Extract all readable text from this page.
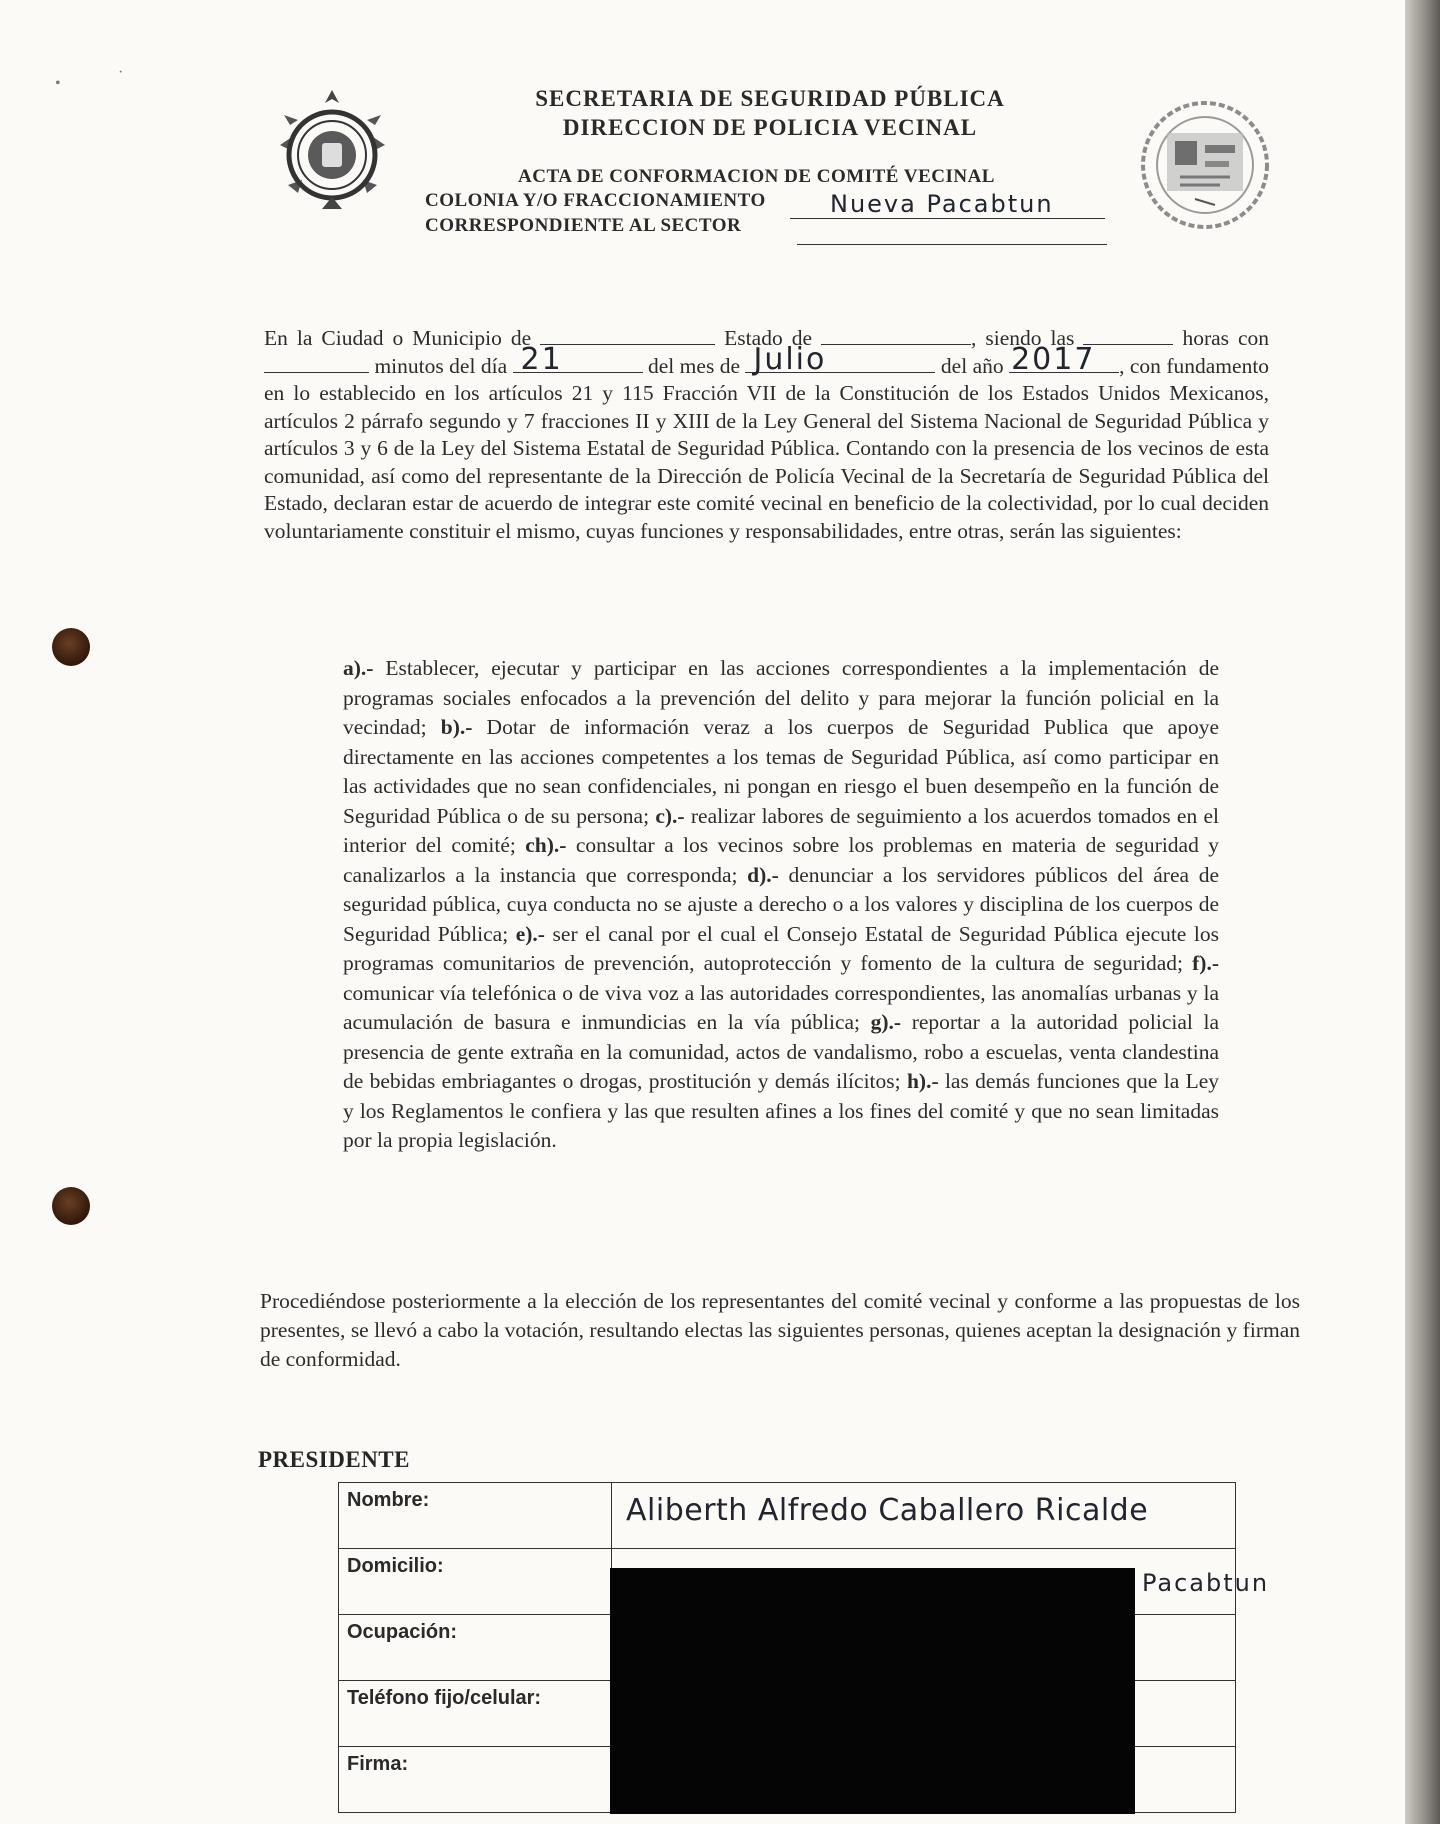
•
·
SECRETARIA DE SEGURIDAD PÚBLICA
DIRECCION DE POLICIA VECINAL
ACTA DE CONFORMACION DE COMITÉ VECINAL
COLONIA Y/O FRACCIONAMIENTO	Nueva Pacabtun
CORRESPONDIENTE AL SECTOR
En la Ciudad o Municipio de	Estado de	, siendo las	horas con  minutos del día 21	del mes de Julio	del año 2017 , con fundamento en lo establecido en los artículos 21 y 115 Fracción VII de la Constitución de los Estados Unidos Mexicanos, artículos 2 párrafo segundo y 7 fracciones II y XIII de la Ley General del Sistema Nacional de Seguridad Pública y artículos 3 y 6 de la Ley del Sistema Estatal de Seguridad Pública. Contando con la presencia de los vecinos de esta comunidad, así como del representante de la Dirección de Policía Vecinal de la Secretaría de Seguridad Pública del Estado, declaran estar de acuerdo de integrar este comité vecinal en beneficio de la colectividad, por lo cual deciden voluntariamente constituir el mismo, cuyas funciones y responsabilidades, entre otras, serán las siguientes:
a).- Establecer, ejecutar y participar en las acciones correspondientes a la implementación de programas sociales enfocados a la prevención del delito y para mejorar la función policial en la vecindad; b).- Dotar de información veraz a los cuerpos de Seguridad Publica que apoye directamente en las acciones competentes a los temas de Seguridad Pública, así como participar en las actividades que no sean confidenciales, ni pongan en riesgo el buen desempeño en la función de Seguridad Pública o de su persona; c).- realizar labores de seguimiento a los acuerdos tomados en el interior del comité; ch).- consultar a los vecinos sobre los problemas en materia de seguridad y canalizarlos a la instancia que corresponda; d).- denunciar a los servidores públicos del área de seguridad pública, cuya conducta no se ajuste a derecho o a los valores y disciplina de los cuerpos de Seguridad Pública; e).- ser el canal por el cual el Consejo Estatal de Seguridad Pública ejecute los programas comunitarios de prevención, autoprotección y fomento de la cultura de seguridad; f).- comunicar vía telefónica o de viva voz a las autoridades correspondientes, las anomalías urbanas y la acumulación de basura e inmundicias en la vía pública; g).- reportar a la autoridad policial la presencia de gente extraña en la comunidad, actos de vandalismo, robo a escuelas, venta clandestina de bebidas embriagantes o drogas, prostitución y demás ilícitos; h).- las demás funciones que la Ley y los Reglamentos le confiera y las que resulten afines a los fines del comité y que no sean limitadas por la propia legislación.
Procediéndose posteriormente a la elección de los representantes del comité vecinal y conforme a las propuestas de los presentes, se llevó a cabo la votación, resultando electas las siguientes personas, quienes aceptan la designación y firman de conformidad.
PRESIDENTE
Nombre:	Aliberth Alfredo Caballero Ricalde

Domicilio:	Pacabtun

Ocupación:	
Teléfono fijo/celular:	
Firma:	
